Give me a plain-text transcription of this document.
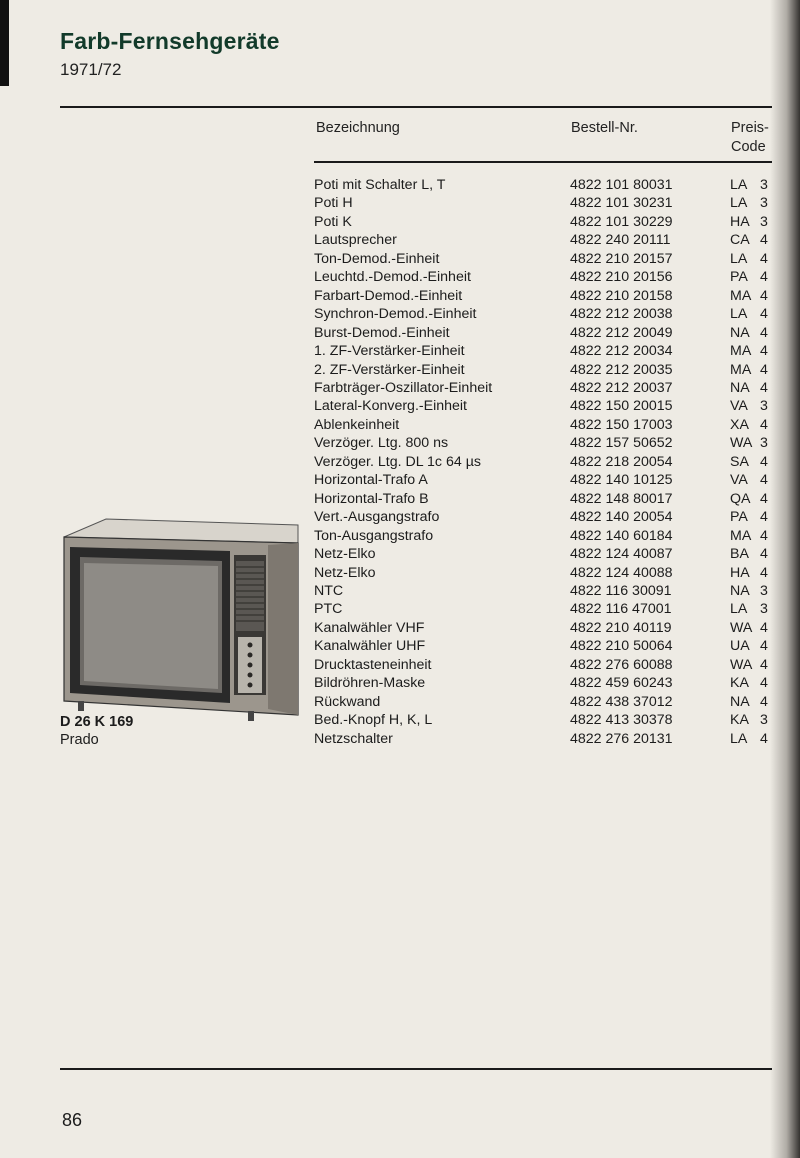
Farb-Fernsehgeräte
1971/72
Bezeichnung	Bestell-Nr.	Preis-
Code
Poti mit Schalter L, T	4822 101 80031	LA 3
Poti H	4822 101 30231	LA 3
Poti K	4822 101 30229	HA 3
Lautsprecher	4822 240 20111	CA 4
Ton-Demod.-Einheit	4822 210 20157	LA 4
Leuchtd.-Demod.-Einheit	4822 210 20156	PA 4
Farbart-Demod.-Einheit	4822 210 20158	MA 4
Synchron-Demod.-Einheit	4822 212 20038	LA 4
Burst-Demod.-Einheit	4822 212 20049	NA 4
1. ZF-Verstärker-Einheit	4822 212 20034	MA 4
2. ZF-Verstärker-Einheit	4822 212 20035	MA 4
Farbträger-Oszillator-Einheit	4822 212 20037	NA 4
Lateral-Konverg.-Einheit	4822 150 20015	VA 3
Ablenkeinheit	4822 150 17003	XA 4
Verzöger. Ltg. 800 ns	4822 157 50652	WA 3
Verzöger. Ltg. DL 1c 64 µs	4822 218 20054	SA 4
Horizontal-Trafo A	4822 140 10125	VA 4
Horizontal-Trafo B	4822 148 80017	QA 4
Vert.-Ausgangstrafo	4822 140 20054	PA 4
Ton-Ausgangstrafo	4822 140 60184	MA 4
Netz-Elko	4822 124 40087	BA 4
Netz-Elko	4822 124 40088	HA 4
NTC	4822 116 30091	NA 3
PTC	4822 116 47001	LA 3
Kanalwähler VHF	4822 210 40119	WA 4
Kanalwähler UHF	4822 210 50064	UA 4
Drucktasteneinheit	4822 276 60088	WA 4
Bildröhren-Maske	4822 459 60243	KA 4
Rückwand	4822 438 37012	NA 4
Bed.-Knopf H, K, L	4822 413 30378	KA 3
Netzschalter	4822 276 20131	LA 4
D 26 K 169
Prado
86
